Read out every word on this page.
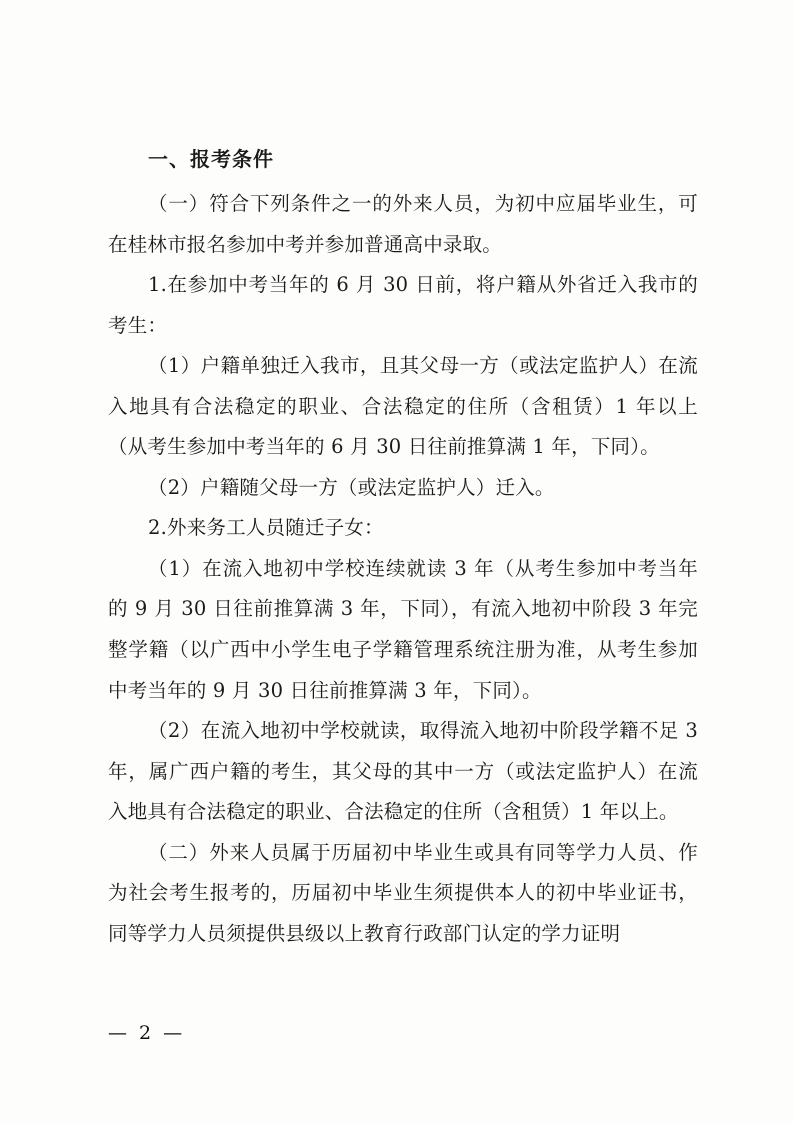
一、报考条件

（一）符合下列条件之一的外来人员，为初中应届毕业生，可在桂林市报名参加中考并参加普通高中录取。

1.在参加中考当年的 6 月 30 日前，将户籍从外省迁入我市的考生：

（1）户籍单独迁入我市，且其父母一方（或法定监护人）在流入地具有合法稳定的职业、合法稳定的住所（含租赁）1 年以上（从考生参加中考当年的 6 月 30 日往前推算满 1 年，下同）。

（2）户籍随父母一方（或法定监护人）迁入。

2.外来务工人员随迁子女：

（1）在流入地初中学校连续就读 3 年（从考生参加中考当年的 9 月 30 日往前推算满 3 年，下同），有流入地初中阶段 3 年完整学籍（以广西中小学生电子学籍管理系统注册为准，从考生参加中考当年的 9 月 30 日往前推算满 3 年，下同）。

（2）在流入地初中学校就读，取得流入地初中阶段学籍不足 3 年，属广西户籍的考生，其父母的其中一方（或法定监护人）在流入地具有合法稳定的职业、合法稳定的住所（含租赁）1 年以上。

（二）外来人员属于历届初中毕业生或具有同等学力人员、作为社会考生报考的，历届初中毕业生须提供本人的初中毕业证书，同等学力人员须提供县级以上教育行政部门认定的学力证明

— 2 —
